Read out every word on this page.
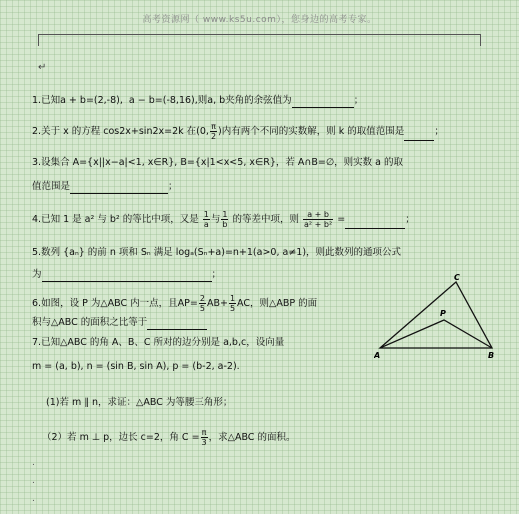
高考资源网（ www.ks5u.com），您身边的高考专家。
↵
1.已知a + b=(2,-8), a − b=(-8,16),则a, b夹角的余弦值为	；
2.关于 x 的方程 cos2x+sin2x=2k 在(0, $\frac{\pi}{2}$ )内有两个不同的实数解，则 k 的取值范围是	；
3.设集合 A={x||x−a|<1, x∈R}, B={x|1<x<5, x∈R}，若 A∩B=∅，则实数 a 的取
值范围是	；
4.已知 1 是 a² 与 b² 的等比中项，又是 $\frac{1}{a}$ 与 $\frac{1}{b}$ 的等差中项，则 $\frac{a + b}{\text{a² + b²}}$ =	；
5.数列 {aₙ} 的前 n 项和 Sₙ 满足 logₐ(Sₙ+a)=n+1(a>0, a≠1)，则此数列的通项公式
为	；
6.如图，设 P 为△ABC 内一点，且$AP= \frac{2}{5} AB+ \frac{1}{5}$ AC，则△ABP 的面
积与△ABC 的面积之比等于
A	B
C
P
7.已知△ABC 的角 A、B、C 所对的边分别是 a,b,c，设向量
m = (a, b), n = (sin B, sin A), p = (b-2, a-2).
(1)若 m ∥ n，求证：△ABC 为等腰三角形；
（2）若 m ⊥ p，边长 c=2，角 $C = \frac{\pi}{3}$ ，求△ABC 的面积。
.
.
.
